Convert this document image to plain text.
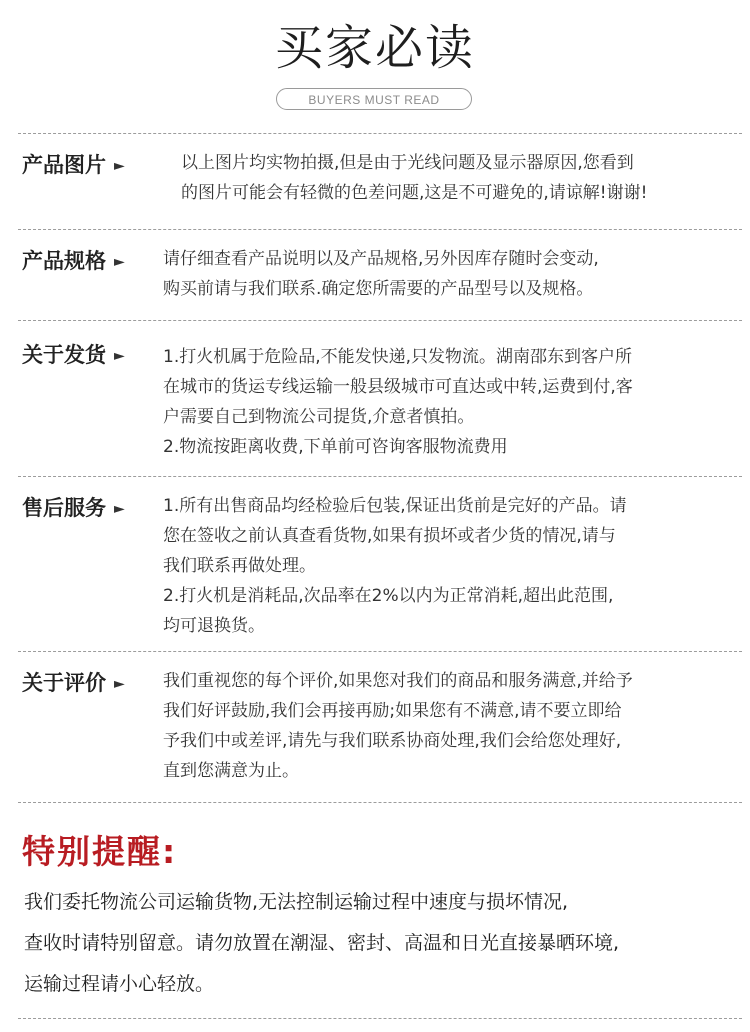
买家必读
BUYERS MUST READ
产品图片 ►	以上图片均实物拍摄,但是由于光线问题及显示器原因,您看到
的图片可能会有轻微的色差问题,这是不可避免的,请谅解!谢谢!
产品规格 ► 请仔细查看产品说明以及产品规格,另外因库存随时会变动,
购买前请与我们联系.确定您所需要的产品型号以及规格。
关于发货 ► 1.打火机属于危险品,不能发快递,只发物流。湖南邵东到客户所
在城市的货运专线运输一般县级城市可直达或中转,运费到付,客
户需要自己到物流公司提货,介意者慎拍。
2.物流按距离收费,下单前可咨询客服物流费用
售后服务 ► 1.所有出售商品均经检验后包装,保证出货前是完好的产品。请
您在签收之前认真查看货物,如果有损坏或者少货的情况,请与
我们联系再做处理。
2.打火机是消耗品,次品率在2%以内为正常消耗,超出此范围,
均可退换货。
关于评价 ► 我们重视您的每个评价,如果您对我们的商品和服务满意,并给予
我们好评鼓励,我们会再接再励;如果您有不满意,请不要立即给
予我们中或差评,请先与我们联系协商处理,我们会给您处理好,
直到您满意为止。
特别提醒:
我们委托物流公司运输货物,无法控制运输过程中速度与损坏情况,
查收时请特别留意。请勿放置在潮湿、密封、高温和日光直接暴晒环境,
运输过程请小心轻放。
